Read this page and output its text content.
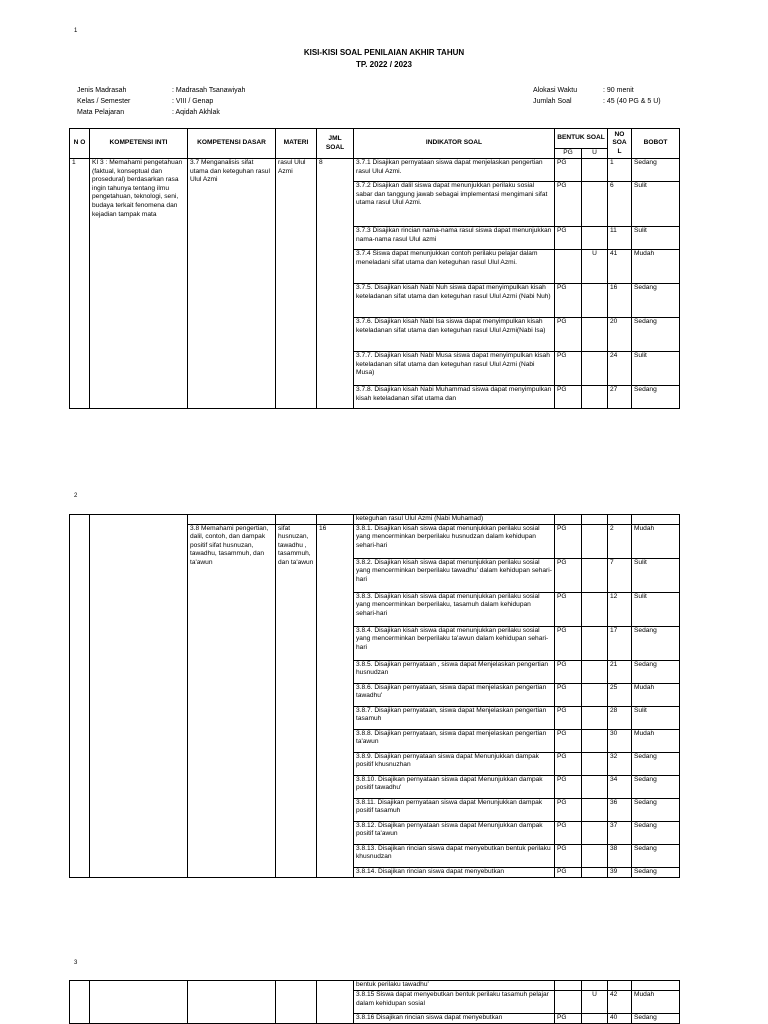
1
KISI-KISI SOAL PENILAIAN AKHIR TAHUN
TP. 2022 / 2023
Jenis Madrasah	: Madrasah Tsanawiyah
Kelas / Semester	: VIII / Genap
Mata Pelajaran	: Aqidah Akhlak
Alokasi Waktu	: 90 menit
Jumlah Soal	: 45 (40 PG & 5 U)
N O	KOMPETENSI INTI	KOMPETENSI DASAR	MATERI	JML SOAL	INDIKATOR SOAL	BENTUK SOAL		NO SOA L	BOBOT
						PG	U		
1	KI 3 : Memahami pengetahuan (faktual, konseptual dan prosedural) berdasarkan rasa ingin tahunya tentang ilmu pengetahuan, teknologi, seni, budaya terkait fenomena dan kejadian tampak mata	3.7 Menganalisis sifat utama dan keteguhan rasul Ulul Azmi	rasul Ulul Azmi	8	3.7.1 Disajikan pernyataan siswa dapat menjelaskan pengertian rasul Ulul Azmi.	PG		1	Sedang
					3.7.2 Disajikan dalil siswa dapat menunjukkan perilaku sosial sabar dan tanggung jawab sebagai implementasi mengimani sifat utama rasul Ulul Azmi.	PG		6	Sulit
					3.7.3 Disajikan rincian nama-nama rasul siswa dapat menunjukkan nama-nama rasul Ulul azmi	PG		11	Sulit
					3.7.4 Siswa dapat menunjukkan contoh perilaku pelajar dalam meneladani sifat utama dan keteguhan rasul Ulul Azmi.		U	41	Mudah
					3.7.5. Disajikan kisah Nabi Nuh siswa dapat menyimpulkan kisah keteladanan sifat utama dan keteguhan rasul Ulul Azmi (Nabi Nuh)	PG		16	Sedang
					3.7.6. Disajikan kisah Nabi Isa siswa dapat menyimpulkan kisah keteladanan sifat utama dan keteguhan rasul Ulul Azmi(Nabi Isa)	PG		20	Sedang
					3.7.7. Disajikan kisah Nabi Musa siswa dapat menyimpulkan kisah keteladanan sifat utama dan keteguhan rasul Ulul Azmi (Nabi Musa)	PG		24	Sulit
					3.7.8. Disajikan kisah Nabi Muhammad siswa dapat menyimpulkan kisah keteladanan sifat utama dan	PG		27	Sedang
2
					keteguhan rasul Ulul Azmi (Nabi Muhamad)				
		3.8 Memahami pengertian, dalil, contoh, dan dampak positif sifat husnuzan, tawadhu, tasammuh, dan ta'awun	sifat husnuzan, tawadhu , tasammuh, dan ta'awun	16	3.8.1. Disajikan kisah siswa dapat menunjukkan perilaku sosial yang mencerminkan berperilaku husnudzan dalam kehidupan sehari-hari	PG		2	Mudah
					3.8.2. Disajikan kisah siswa dapat menunjukkan perilaku sosial yang mencerminkan berperilaku tawadhu' dalam kehidupan sehari-hari	PG		7	Sulit
					3.8.3. Disajikan kisah siswa dapat menunjukkan perilaku sosial yang mencerminkan berperilaku, tasamuh dalam kehidupan sehari-hari	PG		12	Sulit
					3.8.4. Disajikan kisah siswa dapat menunjukkan perilaku sosial yang mencerminkan berperilaku ta'awun dalam kehidupan sehari-hari	PG		17	Sedang
					3.8.5. Disajikan pernyataan , siswa dapat Menjelaskan pengertian husnudzan	PG		21	Sedang
					3.8.6. Disajikan pernyataan, siswa dapat menjelaskan pengertian tawadhu'	PG		25	Mudah
					3.8.7. Disajikan pernyataan, siswa dapat Menjelaskan pengertian tasamuh	PG		28	Sulit
					3.8.8. Disajikan pernyataan, siswa dapat menjelaskan pengertian ta'awun	PG		30	Mudah
					3.8.9. Disajikan pernyataan siswa dapat Menunjukkan dampak positif khusnuzhan	PG		32	Sedang
					3.8.10. Disajikan pernyataan siswa dapat Menunjukkan dampak positif tawadhu'	PG		34	Sedang
					3.8.11. Disajikan pernyataan siswa dapat Menunjukkan dampak positif tasamuh	PG		36	Sedang
					3.8.12. Disajikan pernyataan siswa dapat Menunjukkan dampak positif ta'awun	PG		37	Sedang
					3.8.13. Disajikan rincian siswa dapat menyebutkan bentuk perilaku khusnudzan	PG		38	Sedang
					3.8.14. Disajikan rincian siswa dapat menyebutkan	PG		39	Sedang
3
					bentuk perilaku tawadhu'				
					3.8.15 Siswa dapat menyebutkan bentuk perilaku tasamuh pelajar dalam kehidupan sosial		U	42	Mudah
					3.8.16 Disajikan rincian siswa dapat menyebutkan	PG		40	Sedang
